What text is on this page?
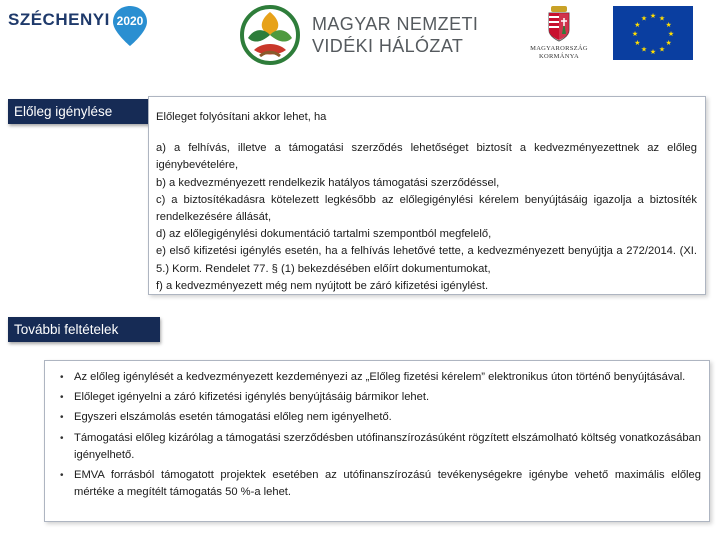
SZÉCHENYI 2020	MAGYAR NEMZETI
VIDÉKI HÁLÓZAT	MAGYARORSZÁG
KORMÁNYA
★ ★
★
★
★
★
★
★
★
★
★
★
Előleg igénylése	Előleget folyósítani akkor lehet, ha

a) a felhívás, illetve a támogatási szerződés lehetőséget biztosít a kedvezményezettnek az előleg igénybevételére,

b) a kedvezményezett rendelkezik hatályos támogatási szerződéssel,

c) a biztosítékadásra kötelezett legkésőbb az előlegigénylési kérelem benyújtásáig igazolja a biztosíték rendelkezésére állását,

d) az előlegigénylési dokumentáció tartalmi szempontból megfelelő,

e) első kifizetési igénylés esetén, ha a felhívás lehetővé tette, a kedvezményezett benyújtja a 272/2014. (XI. 5.) Korm. Rendelet 77. § (1) bekezdésében előírt dokumentumokat,

f) a kedvezményezett még nem nyújtott be záró kifizetési igénylést.

További feltételek
• Az előleg igénylését a kedvezményezett kezdeményezi az „Előleg fizetési kérelem” elektronikus úton történő benyújtásával.
• Előleget igényelni a záró kifizetési igénylés benyújtásáig bármikor lehet.
• Egyszeri elszámolás esetén támogatási előleg nem igényelhető.
• Támogatási előleg kizárólag a támogatási szerződésben utófinanszírozásúként rögzített elszámolható költség vonatkozásában igényelhető.
• EMVA forrásból támogatott projektek esetében az utófinanszírozású tevékenységekre igénybe vehető maximális előleg mértéke a megítélt támogatás 50 %-a lehet.
